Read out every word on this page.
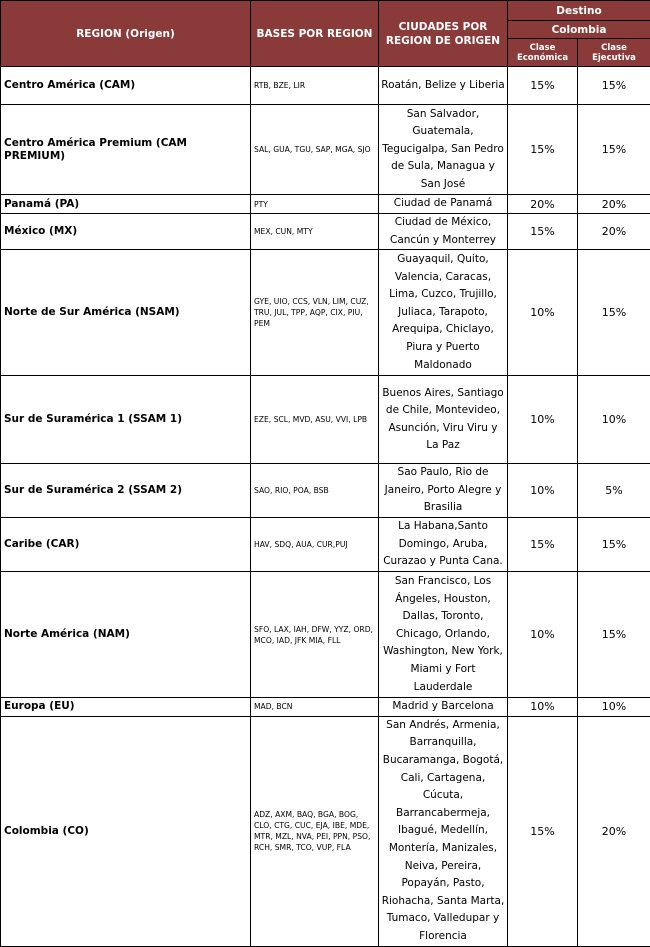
REGION (Origen)	BASES POR REGION	CIUDADES POR REGION DE ORIGEN	Destino	
			Colombia	
			Clase Económica	Clase Ejecutiva
Centro América (CAM)	RTB, BZE, LIR	Roatán, Belize y Liberia	15%	15%
Centro América Premium (CAM PREMIUM)	SAL, GUA, TGU, SAP, MGA, SJO	San Salvador, Guatemala, Tegucigalpa, San Pedro de Sula, Managua y San José	15%	15%
Panamá (PA)	PTY	Ciudad de Panamá	20%	20%
México (MX)	MEX, CUN, MTY	Ciudad de México, Cancún y Monterrey	15%	20%
Norte de Sur América (NSAM)	GYE, UIO, CCS, VLN, LIM, CUZ, TRU, JUL, TPP, AQP, CIX, PIU, PEM	Guayaquil, Quito, Valencia, Caracas, Lima, Cuzco, Trujillo, Juliaca, Tarapoto, Arequipa, Chiclayo, Piura y Puerto Maldonado	10%	15%
Sur de Suramérica 1 (SSAM 1)	EZE, SCL, MVD, ASU, VVI, LPB	Buenos Aires, Santiago de Chile, Montevideo, Asunción, Viru Viru y La Paz	10%	10%
Sur de Suramérica 2 (SSAM 2)	SAO, RIO, POA, BSB	Sao Paulo, Rio de Janeiro, Porto Alegre y Brasilia	10%	5%
Caribe (CAR)	HAV, SDQ, AUA, CUR,PUJ	La Habana,Santo Domingo, Aruba, Curazao y Punta Cana.	15%	15%
Norte América (NAM)	SFO, LAX, IAH, DFW, YYZ, ORD, MCO, IAD, JFK MIA, FLL	San Francisco, Los Ángeles, Houston, Dallas, Toronto, Chicago, Orlando, Washington, New York, Miami y Fort Lauderdale	10%	15%
Europa (EU)	MAD, BCN	Madrid y Barcelona	10%	10%
Colombia (CO)	ADZ, AXM, BAQ, BGA, BOG, CLO, CTG, CUC, EJA, IBE, MDE, MTR, MZL, NVA, PEI, PPN, PSO, RCH, SMR, TCO, VUP, FLA	San Andrés, Armenia, Barranquilla, Bucaramanga, Bogotá, Cali, Cartagena, Cúcuta, Barrancabermeja, Ibagué, Medellín, Montería, Manizales, Neiva, Pereira, Popayán, Pasto, Riohacha, Santa Marta, Tumaco, Valledupar y Florencia	15%	20%
